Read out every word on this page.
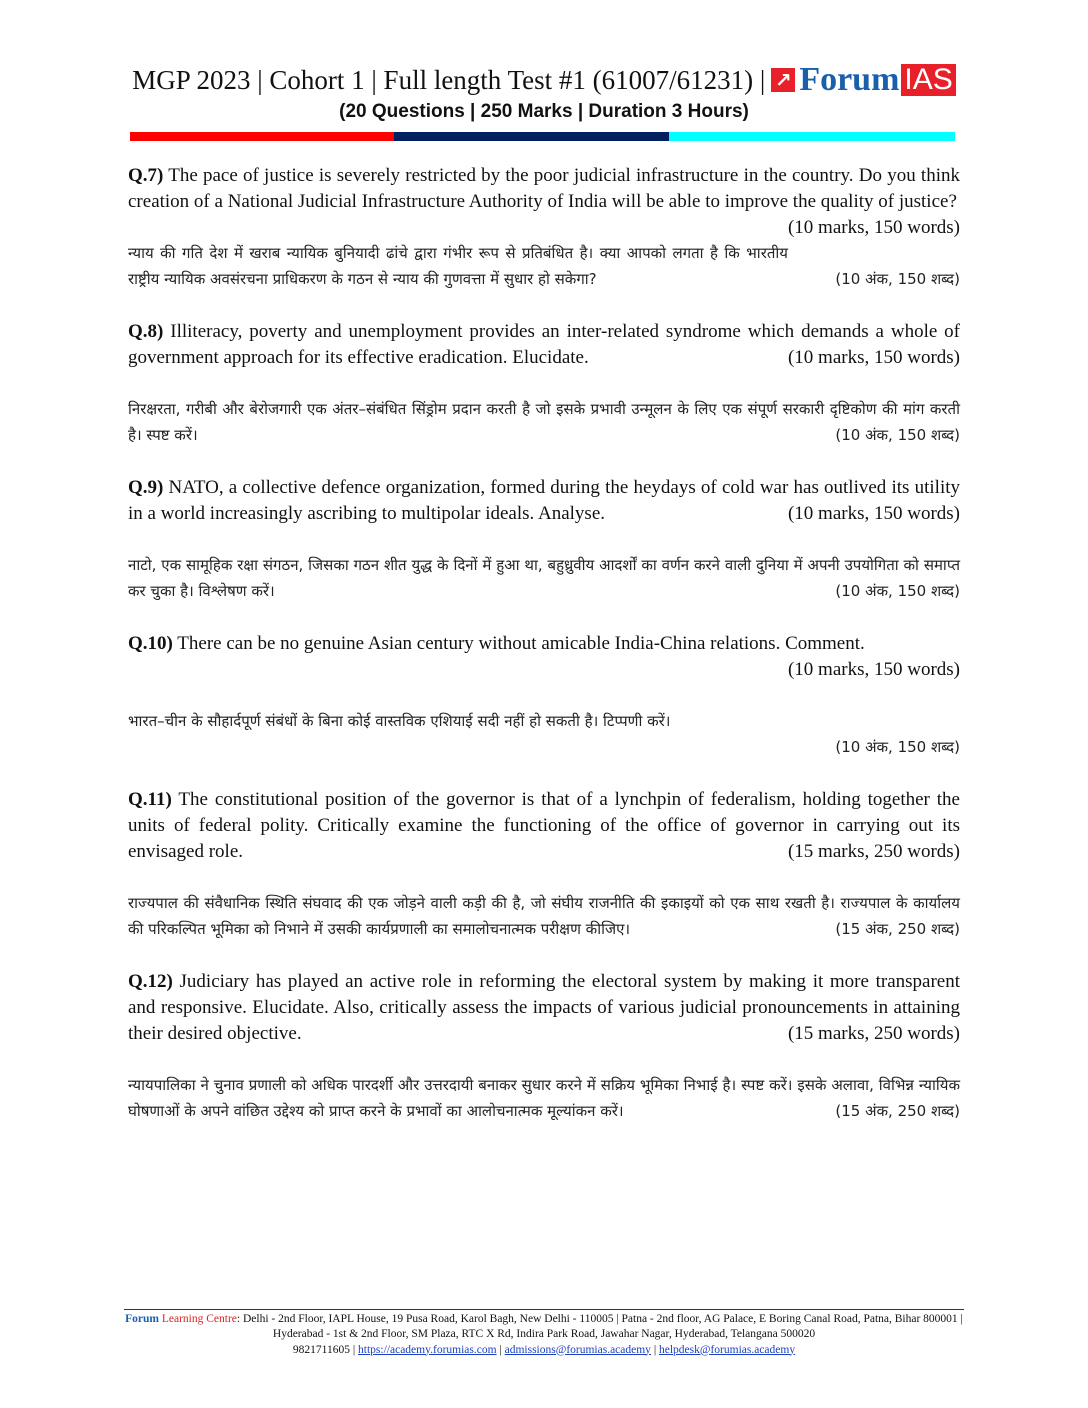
MGP 2023 | Cohort 1 | Full length Test #1 (61007/61231) | ↗ Forum IAS
(20 Questions | 250 Marks | Duration 3 Hours)
Q.7) The pace of justice is severely restricted by the poor judicial infrastructure in the country. Do you think creation of a National Judicial Infrastructure Authority of India will be able to improve the quality of justice?
(10 marks, 150 words)
न्याय की गति देश में खराब न्यायिक बुनियादी ढांचे द्वारा गंभीर रूप से प्रतिबंधित है। क्या आपको लगता है कि भारतीय राष्ट्रीय न्यायिक अवसंरचना प्राधिकरण के गठन से न्याय की गुणवत्ता में सुधार हो सकेगा?	(10 अंक, 150 शब्द)
Q.8) Illiteracy, poverty and unemployment provides an inter-related syndrome which demands a whole of government approach for its effective eradication. Elucidate.	(10 marks, 150 words)
निरक्षरता, गरीबी और बेरोजगारी एक अंतर–संबंधित सिंड्रोम प्रदान करती है जो इसके प्रभावी उन्मूलन के लिए एक संपूर्ण सरकारी दृष्टिकोण की मांग करती है। स्पष्ट करें।	(10 अंक, 150 शब्द)
Q.9) NATO, a collective defence organization, formed during the heydays of cold war has outlived its utility in a world increasingly ascribing to multipolar ideals. Analyse.	(10 marks, 150 words)
नाटो, एक सामूहिक रक्षा संगठन, जिसका गठन शीत युद्ध के दिनों में हुआ था, बहुध्रुवीय आदर्शों का वर्णन करने वाली दुनिया में अपनी उपयोगिता को समाप्त कर चुका है। विश्लेषण करें।	(10 अंक, 150 शब्द)
Q.10) There can be no genuine Asian century without amicable India-China relations. Comment.
(10 marks, 150 words)
भारत–चीन के सौहार्दपूर्ण संबंधों के बिना कोई वास्तविक एशियाई सदी नहीं हो सकती है। टिप्पणी करें।
(10 अंक, 150 शब्द)
Q.11) The constitutional position of the governor is that of a lynchpin of federalism, holding together the units of federal polity. Critically examine the functioning of the office of governor in carrying out its envisaged role.	(15 marks, 250 words)
राज्यपाल की संवैधानिक स्थिति संघवाद की एक जोड़ने वाली कड़ी की है, जो संघीय राजनीति की इकाइयों को एक साथ रखती है। राज्यपाल के कार्यालय की परिकल्पित भूमिका को निभाने में उसकी कार्यप्रणाली का समालोचनात्मक परीक्षण कीजिए।	(15 अंक, 250 शब्द)
Q.12) Judiciary has played an active role in reforming the electoral system by making it more transparent and responsive. Elucidate. Also, critically assess the impacts of various judicial pronouncements in attaining their desired objective.	(15 marks, 250 words)
न्यायपालिका ने चुनाव प्रणाली को अधिक पारदर्शी और उत्तरदायी बनाकर सुधार करने में सक्रिय भूमिका निभाई है। स्पष्ट करें। इसके अलावा, विभिन्न न्यायिक घोषणाओं के अपने वांछित उद्देश्य को प्राप्त करने के प्रभावों का आलोचनात्मक मूल्यांकन करें।	(15 अंक, 250 शब्द)
Forum Learning Centre: Delhi - 2nd Floor, IAPL House, 19 Pusa Road, Karol Bagh, New Delhi - 110005 | Patna - 2nd floor, AG Palace, E Boring Canal Road, Patna, Bihar 800001 | Hyderabad - 1st & 2nd Floor, SM Plaza, RTC X Rd, Indira Park Road, Jawahar Nagar, Hyderabad, Telangana 500020
9821711605 | https://academy.forumias.com | admissions@forumias.academy | helpdesk@forumias.academy
